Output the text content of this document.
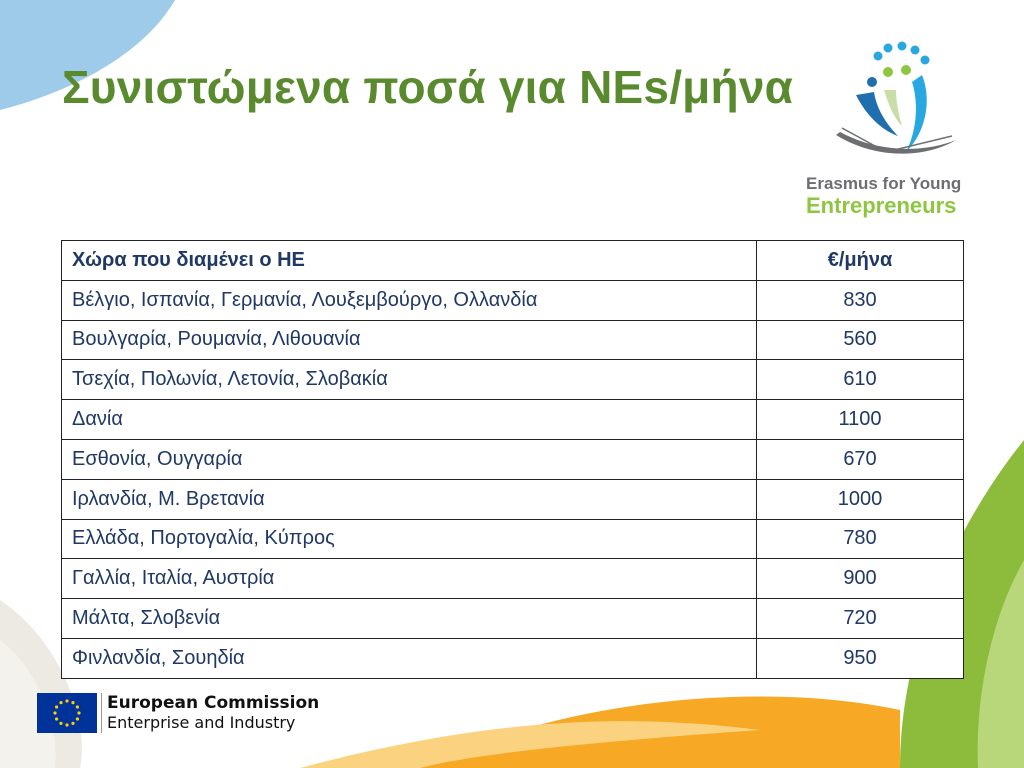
Συνιστώμενα ποσά για NEs/μήνα
Erasmus for Young
Entrepreneurs
Χώρα που διαμένει ο ΗΕ	€/μήνα
Βέλγιο, Ισπανία, Γερμανία, Λουξεμβούργο, Ολλανδία	830
Βουλγαρία, Ρουμανία, Λιθουανία	560
Τσεχία, Πολωνία, Λετονία, Σλοβακία	610
Δανία	1100
Εσθονία, Ουγγαρία	670
Ιρλανδία, Μ. Βρετανία	1000
Ελλάδα, Πορτογαλία, Κύπρος	780
Γαλλία, Ιταλία, Αυστρία	900
Μάλτα, Σλοβενία	720
Φινλανδία, Σουηδία	950
European Commission
Enterprise and Industry
